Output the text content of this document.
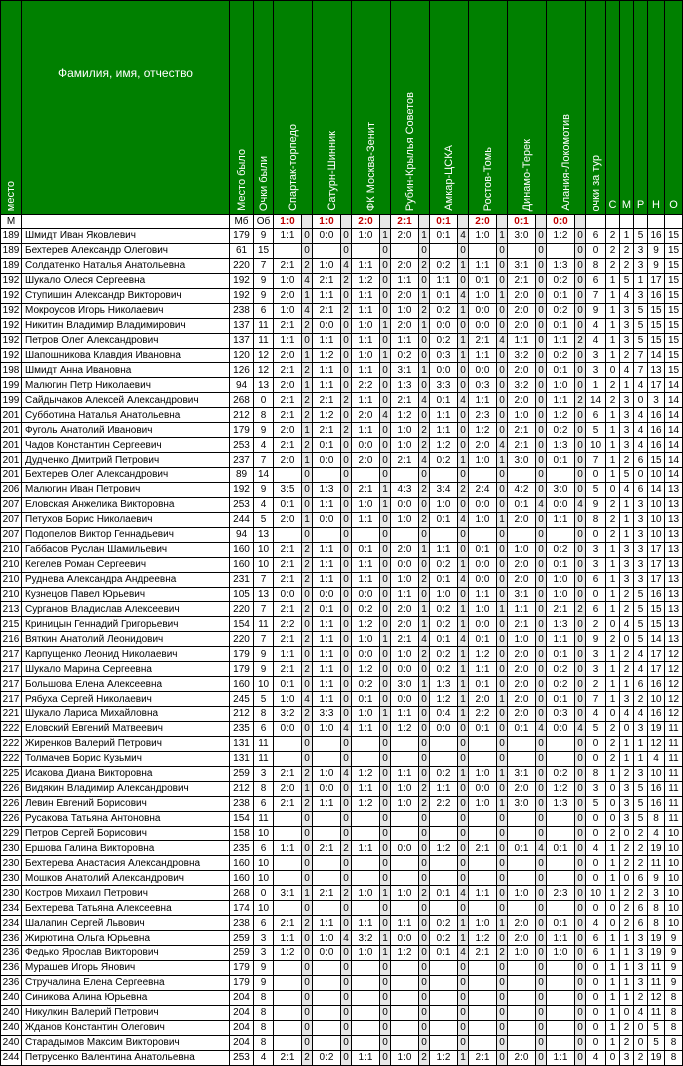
место	Фамилия, имя, отчество	Место было	Очки были	Спартак-торпедо		Сатурн-Шинник		ФК Москва-Зенит		Рубин-Крылья Советов		Амкар-ЦСКА		Ростов-Томь		Динамо-Терек		Алания-Локомотив		очки за тур	С	М	Р	Н	О
М		Мб	Об	1:0		1:0		2:0		2:1		0:1		2:0		0:1		0:0							
189	Шмидт Иван Яковлевич	179	9	1:1	0	0:0	0	1:0	1	2:0	1	0:1	4	1:0	1	3:0	0	1:2	0	6	2	1	5	16	15
189	Бехтерев Александр Олегович	61	15		0		0		0		0		0		0		0		0	0	2	2	3	9	15
189	Солдатенко Наталья Анатольевна	220	7	2:1	2	1:0	4	1:1	0	2:0	2	0:2	1	1:1	0	3:1	0	1:3	0	8	2	2	3	9	15
192	Шукало Олеся Сергеевна	192	9	1:0	4	2:1	2	1:2	0	1:1	0	1:1	0	0:1	0	2:1	0	0:2	0	6	1	5	1	17	15
192	Ступишин Александр Викторович	192	9	2:0	1	1:1	0	1:1	0	2:0	1	0:1	4	1:0	1	2:0	0	0:1	0	7	1	4	3	16	15
192	Мокроусов Игорь Николаевич	238	6	1:0	4	2:1	2	1:1	0	1:0	2	0:2	1	0:0	0	2:0	0	0:2	0	9	1	3	5	15	15
192	Никитин Владимир Владимирович	137	11	2:1	2	0:0	0	1:0	1	2:0	1	0:0	0	0:0	0	2:0	0	0:1	0	4	1	3	5	15	15
192	Петров Олег Александрович	137	11	1:1	0	1:1	0	1:1	0	1:1	0	0:2	1	2:1	4	1:1	0	1:1	2	4	1	3	5	15	15
192	Шапошникова Клавдия Ивановна	120	12	2:0	1	1:2	0	1:0	1	0:2	0	0:3	1	1:1	0	3:2	0	0:2	0	3	1	2	7	14	15
198	Шмидт Анна Ивановна	126	12	2:1	2	1:1	0	1:1	0	3:1	1	0:0	0	0:0	0	2:0	0	0:1	0	3	0	4	7	13	15
199	Малюгин Петр Николаевич	94	13	2:0	1	1:1	0	2:2	0	1:3	0	3:3	0	0:3	0	3:2	0	1:0	0	1	2	1	4	17	14
199	Сайдычаков Алексей Александрович	268	0	2:1	2	2:1	2	1:1	0	2:1	4	0:1	4	1:1	0	2:0	0	1:1	2	14	2	3	0	3	14
201	Субботина Наталья Анатольевна	212	8	2:1	2	1:2	0	2:0	4	1:2	0	1:1	0	2:3	0	1:0	0	1:2	0	6	1	3	4	16	14
201	Фуголь Анатолий Иванович	179	9	2:0	1	2:1	2	1:1	0	1:0	2	1:1	0	1:2	0	2:1	0	0:2	0	5	1	3	4	16	14
201	Чадов Константин Сергеевич	253	4	2:1	2	0:1	0	0:0	0	1:0	2	1:2	0	2:0	4	2:1	0	1:3	0	10	1	3	4	16	14
201	Дудченко Дмитрий Петрович	237	7	2:0	1	0:0	0	2:0	0	2:1	4	0:2	1	1:0	1	3:0	0	0:1	0	7	1	2	6	15	14
201	Бехтерев Олег Александрович	89	14		0		0		0		0		0		0		0		0	0	1	5	0	10	14
206	Малюгин Иван Петрович	192	9	3:5	0	1:3	0	2:1	1	4:3	2	3:4	2	2:4	0	4:2	0	3:0	0	5	0	4	6	14	13
207	Еловская Анжелика Викторовна	253	4	0:1	0	1:1	0	1:0	1	0:0	0	1:0	0	0:0	0	0:1	4	0:0	4	9	2	1	3	10	13
207	Петухов Борис Николаевич	244	5	2:0	1	0:0	0	1:1	0	1:0	2	0:1	4	1:0	1	2:0	0	1:1	0	8	2	1	3	10	13
207	Подопелов Виктор Геннадьевич	94	13		0		0		0		0		0		0		0		0	0	2	1	3	10	13
210	Габбасов Руслан Шамильевич	160	10	2:1	2	1:1	0	0:1	0	2:0	1	1:1	0	0:1	0	1:0	0	0:2	0	3	1	3	3	17	13
210	Кегелев Роман Сергеевич	160	10	2:1	2	1:1	0	1:1	0	0:0	0	0:2	1	0:0	0	2:0	0	0:1	0	3	1	3	3	17	13
210	Руднева Александра Андреевна	231	7	2:1	2	1:1	0	1:1	0	1:0	2	0:1	4	0:0	0	2:0	0	1:0	0	6	1	3	3	17	13
210	Кузнецов Павел Юрьевич	105	13	0:0	0	0:0	0	0:0	0	1:1	0	1:0	0	1:1	0	3:1	0	1:0	0	0	1	2	5	16	13
213	Сурганов Владислав Алексеевич	220	7	2:1	2	0:1	0	0:2	0	2:0	1	0:2	1	1:0	1	1:1	0	2:1	2	6	1	2	5	15	13
215	Криницын Геннадий Григорьевич	154	11	2:2	0	1:1	0	1:2	0	2:0	1	0:2	1	0:0	0	2:1	0	1:3	0	2	0	4	5	15	13
216	Вяткин Анатолий Леонидович	220	7	2:1	2	1:1	0	1:0	1	2:1	4	0:1	4	0:1	0	1:0	0	1:1	0	9	2	0	5	14	13
217	Карпущенко Леонид Николаевич	179	9	1:1	0	1:1	0	0:0	0	1:0	2	0:2	1	1:2	0	2:0	0	0:1	0	3	1	2	4	17	12
217	Шукало Марина Сергеевна	179	9	2:1	2	1:1	0	1:2	0	0:0	0	0:2	1	1:1	0	2:0	0	0:2	0	3	1	2	4	17	12
217	Большова Елена Алексеевна	160	10	0:1	0	1:1	0	0:2	0	3:0	1	1:3	1	0:1	0	2:0	0	0:2	0	2	1	1	6	16	12
217	Рябуха Сергей Николаевич	245	5	1:0	4	1:1	0	0:1	0	0:0	0	1:2	1	2:0	1	2:0	0	0:1	0	7	1	3	2	10	12
221	Шукало Лариса Михайловна	212	8	3:2	2	3:3	0	1:0	1	1:1	0	0:4	1	2:2	0	2:0	0	0:3	0	4	0	4	4	16	12
222	Еловский Евгений Матвеевич	235	6	0:0	0	1:0	4	1:1	0	1:2	0	0:0	0	0:1	0	0:1	4	0:0	4	5	2	0	3	19	11
222	Жиренков Валерий Петрович	131	11		0		0		0		0		0		0		0		0	0	2	1	1	12	11
222	Толмачев Борис Кузьмич	131	11		0		0		0		0		0		0		0		0	0	2	1	1	4	11
225	Исакова Диана Викторовна	259	3	2:1	2	1:0	4	1:2	0	1:1	0	0:2	1	1:0	1	3:1	0	0:2	0	8	1	2	3	10	11
226	Видякин Владимир Александрович	212	8	2:0	1	0:0	0	1:1	0	1:0	2	1:1	0	0:0	0	2:0	0	1:2	0	3	0	3	5	16	11
226	Левин Евгений Борисович	238	6	2:1	2	1:1	0	1:2	0	1:0	2	2:2	0	1:0	1	3:0	0	1:3	0	5	0	3	5	16	11
226	Русакова Татьяна Антоновна	154	11		0		0		0		0		0		0		0		0	0	0	3	5	8	11
229	Петров Сергей Борисович	158	10		0		0		0		0		0		0		0		0	0	2	0	2	4	10
230	Ершова Галина Викторовна	235	6	1:1	0	2:1	2	1:1	0	0:0	0	1:2	0	2:1	0	0:1	4	0:1	0	4	1	2	2	19	10
230	Бехтерева Анастасия Александровна	160	10		0		0		0		0		0		0		0		0	0	1	2	2	11	10
230	Мошков Анатолий Александрович	160	10		0		0		0		0		0		0		0		0	0	1	0	6	9	10
230	Костров Михаил Петрович	268	0	3:1	1	2:1	2	1:0	1	1:0	2	0:1	4	1:1	0	1:0	0	2:3	0	10	1	2	2	3	10
234	Бехтерева Татьяна Алексеевна	174	10		0		0		0		0		0		0		0		0	0	0	2	6	8	10
234	Шалапин Сергей Львович	238	6	2:1	2	1:1	0	1:1	0	1:1	0	0:2	1	1:0	1	2:0	0	0:1	0	4	0	2	6	8	10
236	Жирютина Ольга Юрьевна	259	3	1:1	0	1:0	4	3:2	1	0:0	0	0:2	1	1:2	0	2:0	0	1:1	0	6	1	1	3	19	9
236	Федько Ярослав Викторович	259	3	1:2	0	0:0	0	1:0	1	1:2	0	0:1	4	2:1	2	1:0	0	1:0	0	6	1	1	3	19	9
236	Мурашев Игорь Янович	179	9		0		0		0		0		0		0		0		0	0	1	1	3	11	9
236	Стручалина Елена Сергеевна	179	9		0		0		0		0		0		0		0		0	0	1	1	3	11	9
240	Синикова Алина Юрьевна	204	8		0		0		0		0		0		0		0		0	0	1	1	2	12	8
240	Никулкин Валерий Петрович	204	8		0		0		0		0		0		0		0		0	0	1	0	4	11	8
240	Жданов Константин Олегович	204	8		0		0		0		0		0		0		0		0	0	1	2	0	5	8
240	Старадымов Максим Викторович	204	8		0		0		0		0		0		0		0		0	0	1	2	0	5	8
244	Петрусенко Валентина Анатольевна	253	4	2:1	2	0:2	0	1:1	0	1:0	2	1:2	1	2:1	0	2:0	0	1:1	0	4	0	3	2	19	8
